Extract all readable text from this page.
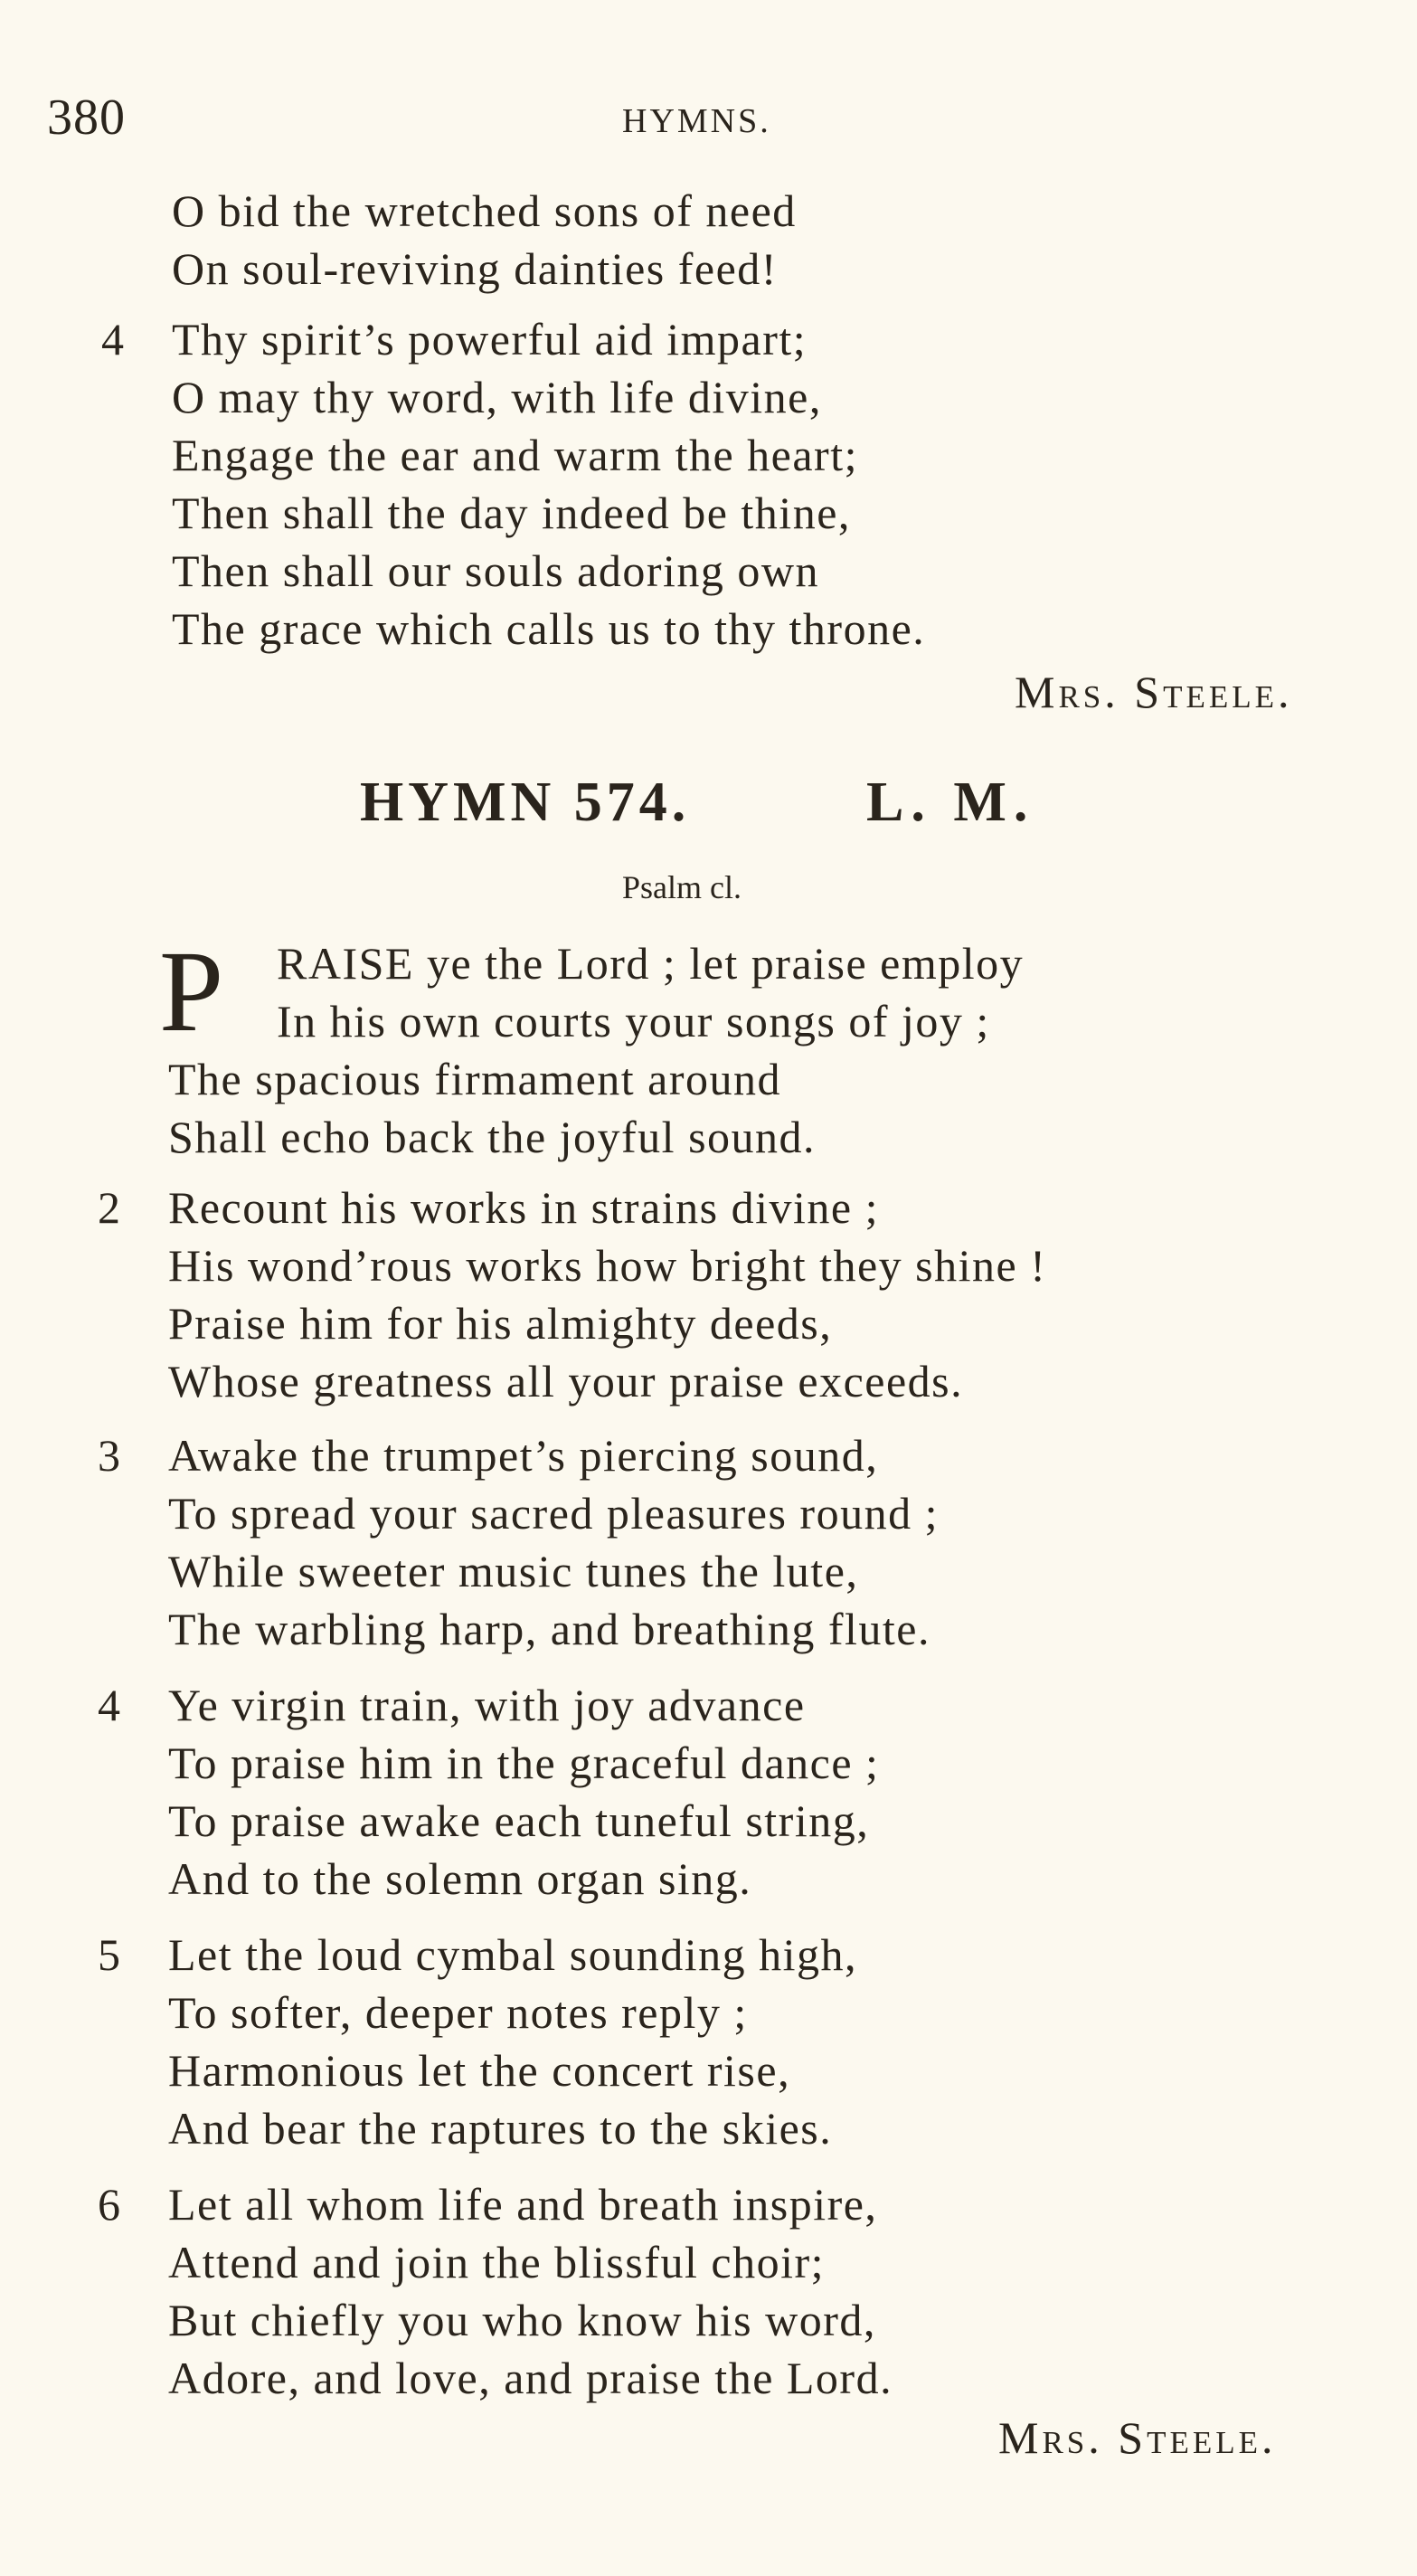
380	HYMNS.
O bid the wretched sons of need
On soul-reviving dainties feed!
4 Thy spirit’s powerful aid impart;
O may thy word, with life divine,
Engage the ear and warm the heart;
Then shall the day indeed be thine,
Then shall our souls adoring own
The grace which calls us to thy throne.
Mrs. Steele.
HYMN 574.	L. M.
Psalm cl.
P RAISE ye the Lord ; let praise employ
In his own courts your songs of joy ;
The spacious firmament around
Shall echo back the joyful sound.
2 Recount his works in strains divine ;
His wond’rous works how bright they shine !
Praise him for his almighty deeds,
Whose greatness all your praise exceeds.
3 Awake the trumpet’s piercing sound,
To spread your sacred pleasures round ;
While sweeter music tunes the lute,
The warbling harp, and breathing flute.
4 Ye virgin train, with joy advance
To praise him in the graceful dance ;
To praise awake each tuneful string,
And to the solemn organ sing.
5 Let the loud cymbal sounding high,
To softer, deeper notes reply ;
Harmonious let the concert rise,
And bear the raptures to the skies.
6 Let all whom life and breath inspire,
Attend and join the blissful choir;
But chiefly you who know his word,
Adore, and love, and praise the Lord.
Mrs. Steele.
